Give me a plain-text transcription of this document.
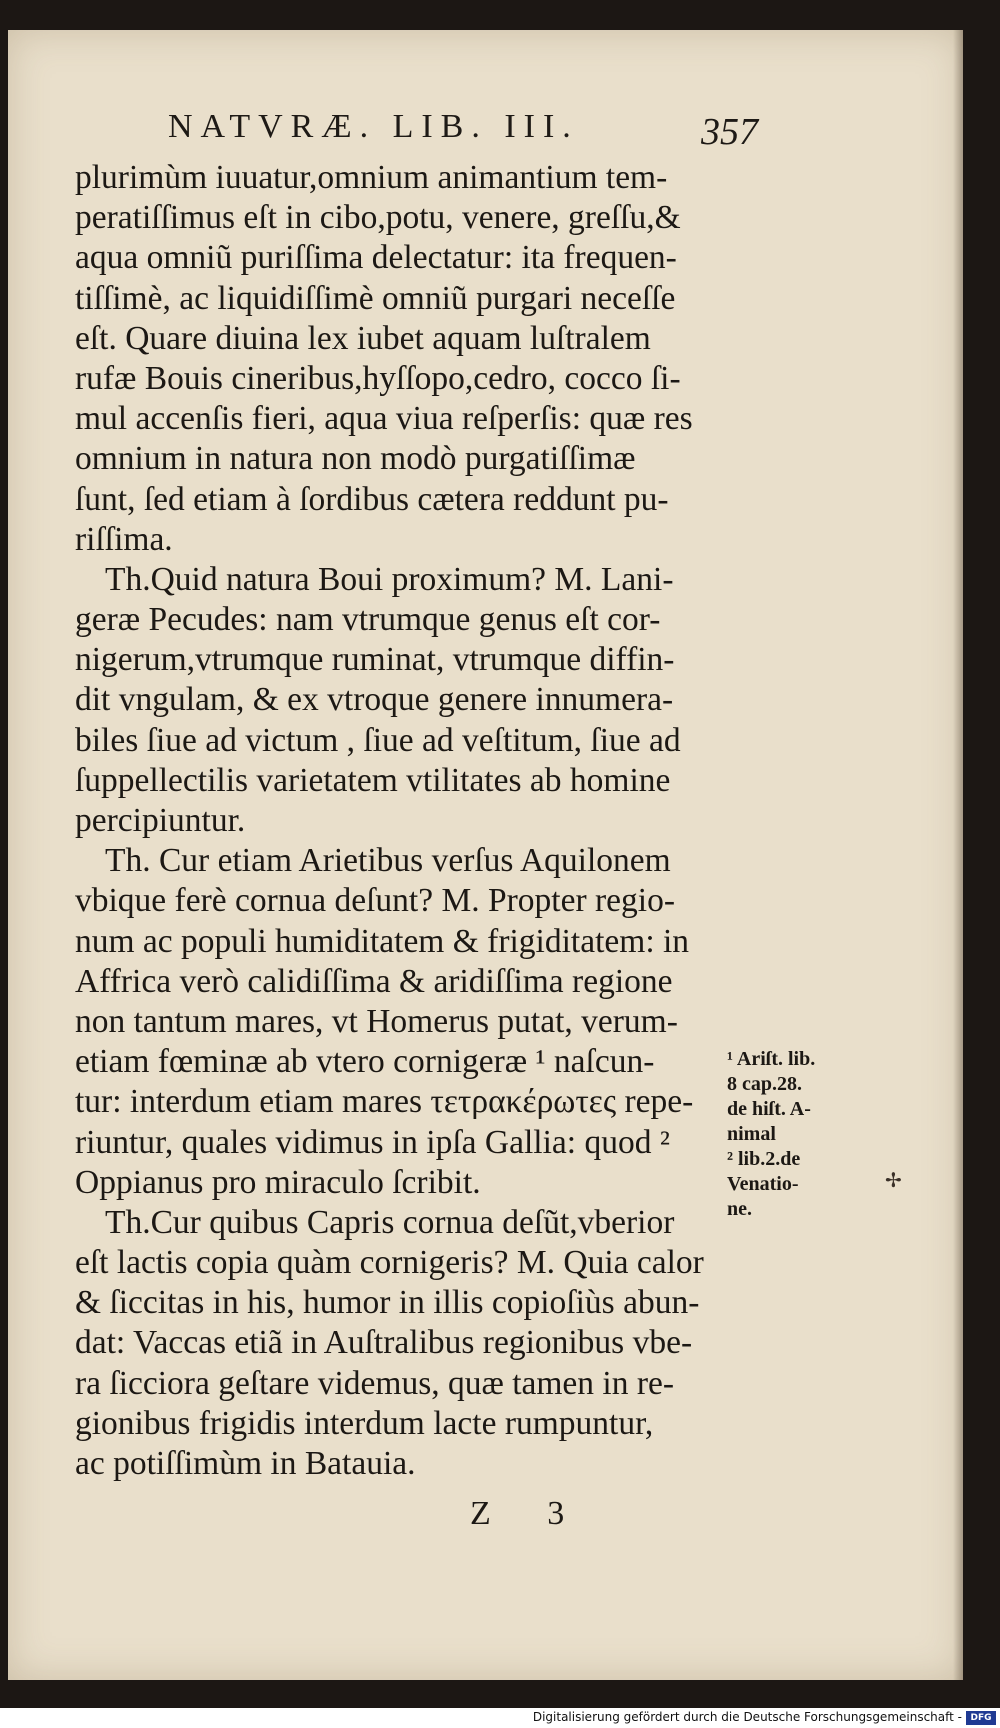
NATVRÆ. LIB. III.	357
plurimùm iuuatur,omnium animantium tem-
peratiſſimus eſt in cibo,potu, venere, greſſu,&
aqua omniũ puriſſima delectatur: ita frequen-
tiſſimè, ac liquidiſſimè omniũ purgari neceſſe
eſt. Quare diuina lex iubet aquam luſtralem
rufæ Bouis cineribus,hyſſopo,cedro, cocco ſi-
mul accenſis fieri, aqua viua reſperſis: quæ res
omnium in natura non modò purgatiſſimæ
ſunt, ſed etiam à ſordibus cætera reddunt pu-
riſſima.
Th.Quid natura Boui proximum? M. Lani-
geræ Pecudes: nam vtrumque genus eſt cor-
nigerum,vtrumque ruminat, vtrumque diffin-
dit vngulam, & ex vtroque genere innumera-
biles ſiue ad victum , ſiue ad veſtitum, ſiue ad
ſuppellectilis varietatem vtilitates ab homine
percipiuntur.
Th. Cur etiam Arietibus verſus Aquilonem
vbique ferè cornua deſunt? M. Propter regio-
num ac populi humiditatem & frigiditatem: in
Affrica verò calidiſſima & aridiſſima regione
non tantum mares, vt Homerus putat, verum-
etiam fœminæ ab vtero cornigeræ ¹ naſcun-
tur: interdum etiam mares τετρακέρωτες repe-
riuntur, quales vidimus in ipſa Gallia: quod ²
Oppianus pro miraculo ſcribit.
Th.Cur quibus Capris cornua deſũt,vberior
eſt lactis copia quàm cornigeris? M. Quia calor
& ſiccitas in his, humor in illis copioſiùs abun-
dat: Vaccas etiã in Auſtralibus regionibus vbe-
ra ſicciora geſtare videmus, quæ tamen in re-
gionibus frigidis interdum lacte rumpuntur,
ac potiſſimùm in Batauia.
¹ Ariſt. lib.
8 cap.28.
de hiſt. A-
nimal
² lib.2.de
Venatio-
ne.
✢
Z 3
Digitalisierung gefördert durch die Deutsche Forschungsgemeinschaft - DFG
